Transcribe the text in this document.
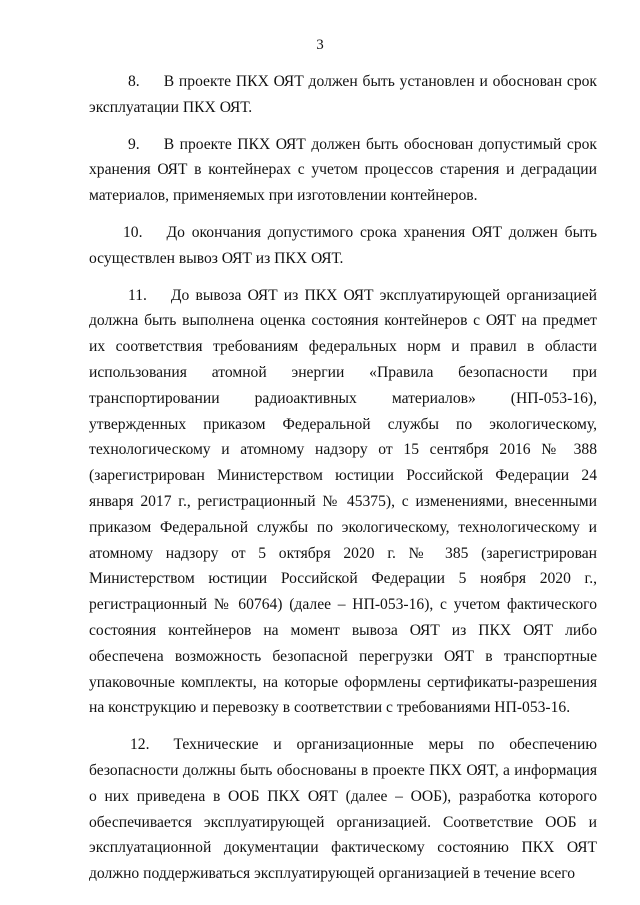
3

8. В проекте ПКХ ОЯТ должен быть установлен и обоснован срок эксплуатации ПКХ ОЯТ.

9. В проекте ПКХ ОЯТ должен быть обоснован допустимый срок хранения ОЯТ в контейнерах с учетом процессов старения и деградации материалов, применяемых при изготовлении контейнеров.

10. До окончания допустимого срока хранения ОЯТ должен быть осуществлен вывоз ОЯТ из ПКХ ОЯТ.

11. До вывоза ОЯТ из ПКХ ОЯТ эксплуатирующей организацией должна быть выполнена оценка состояния контейнеров с ОЯТ на предмет их соответствия требованиям федеральных норм и правил в области использования атомной энергии «Правила безопасности при транспортировании радиоактивных материалов» (НП-053-16), утвержденных приказом Федеральной службы по экологическому, технологическому и атомному надзору от 15 сентября 2016 № 388 (зарегистрирован Министерством юстиции Российской Федерации 24 января 2017 г., регистрационный № 45375), с изменениями, внесенными приказом Федеральной службы по экологическому, технологическому и атомному надзору от 5 октября 2020 г. № 385 (зарегистрирован Министерством юстиции Российской Федерации 5 ноября 2020 г., регистрационный № 60764) (далее – НП-053-16), с учетом фактического состояния контейнеров на момент вывоза ОЯТ из ПКХ ОЯТ либо обеспечена возможность безопасной перегрузки ОЯТ в транспортные упаковочные комплекты, на которые оформлены сертификаты-разрешения на конструкцию и перевозку в соответствии с требованиями НП-053-16.

12. Технические и организационные меры по обеспечению безопасности должны быть обоснованы в проекте ПКХ ОЯТ, а информация о них приведена в ООБ ПКХ ОЯТ (далее – ООБ), разработка которого обеспечивается эксплуатирующей организацией. Соответствие ООБ и эксплуатационной документации фактическому состоянию ПКХ ОЯТ должно поддерживаться эксплуатирующей организацией в течение всего
